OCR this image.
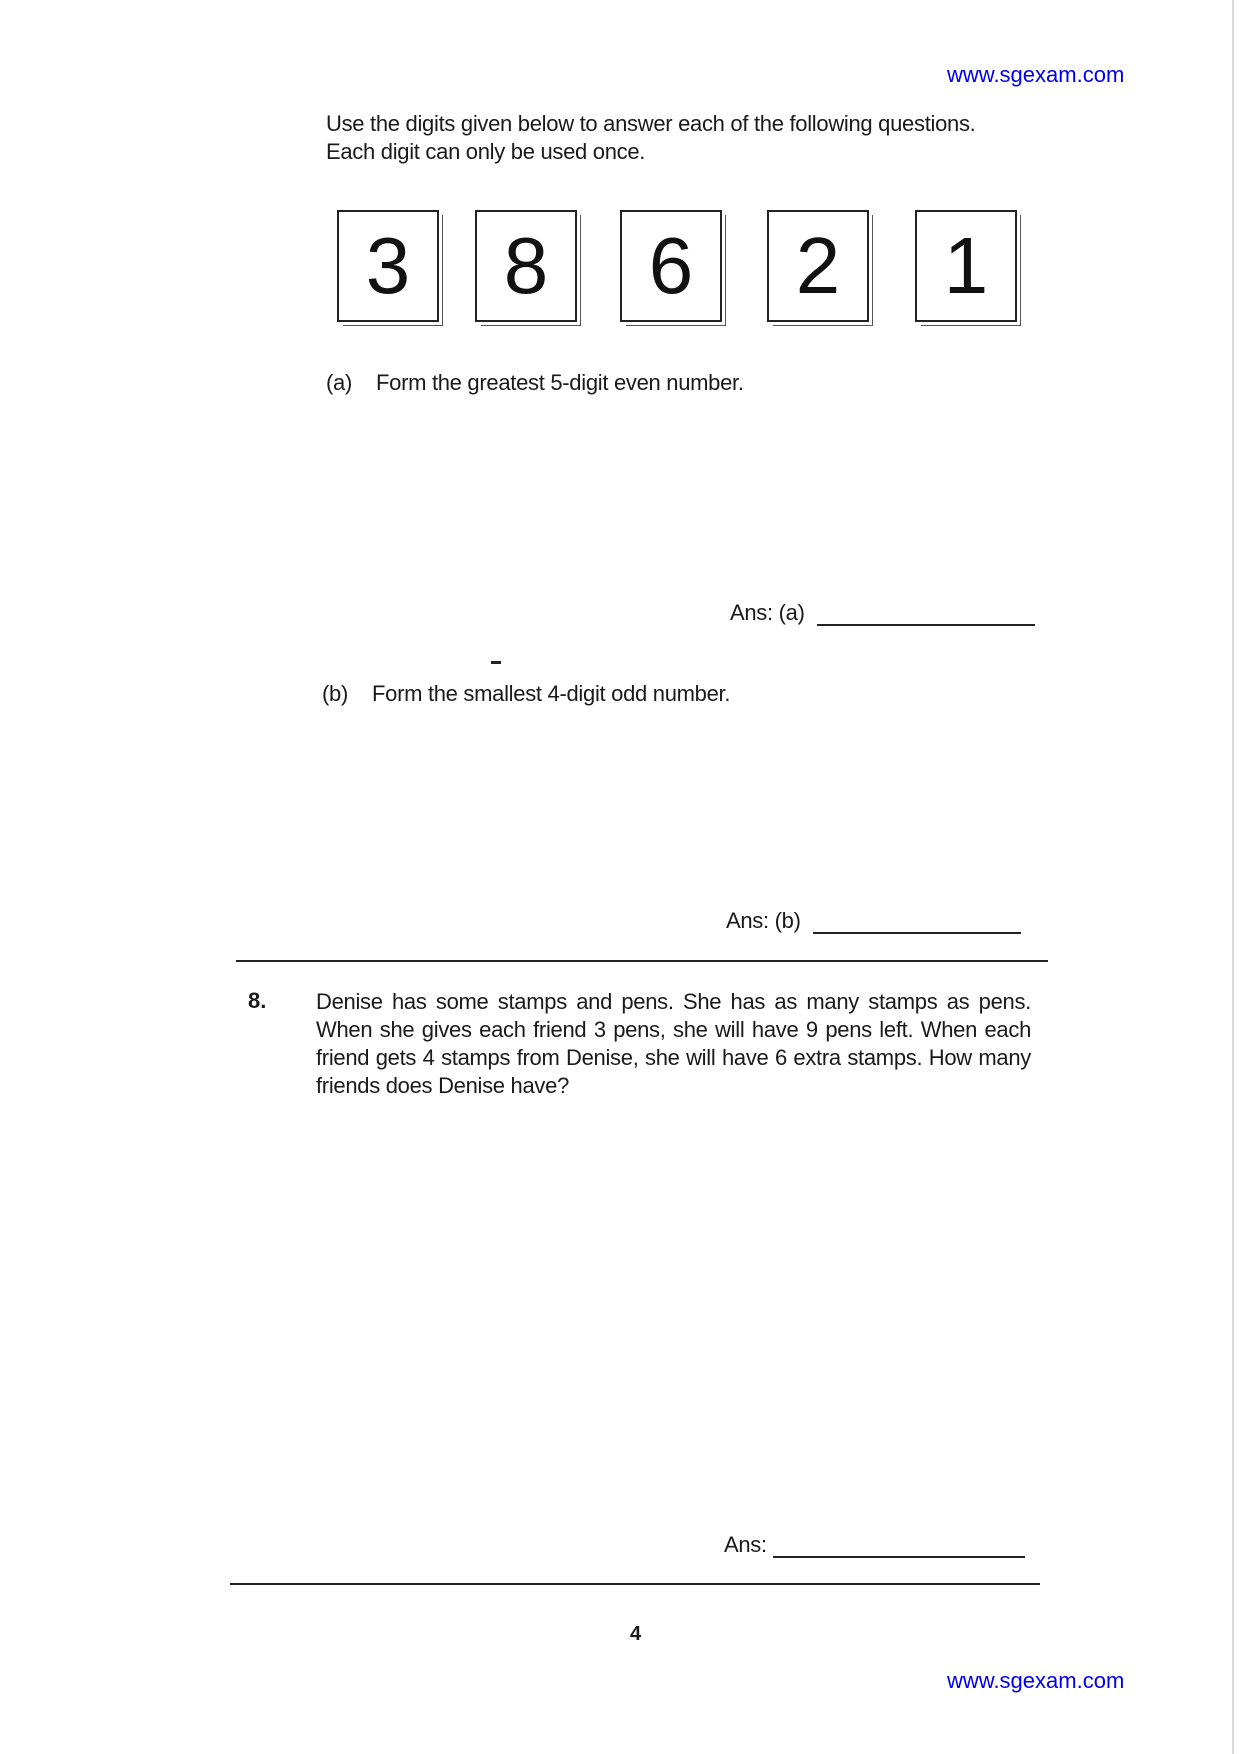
www.sgexam.com
Use the digits given below to answer each of the following questions.
Each digit can only be used once.
3	8	6	2	1
(a) Form the greatest 5-digit even number.
Ans: (a)
(b) Form the smallest 4-digit odd number.
Ans: (b)
8. Denise has some stamps and pens. She has as many stamps as pens. When she gives each friend 3 pens, she will have 9 pens left. When each friend gets 4 stamps from Denise, she will have 6 extra stamps. How many friends does Denise have?
Ans:
4
www.sgexam.com
